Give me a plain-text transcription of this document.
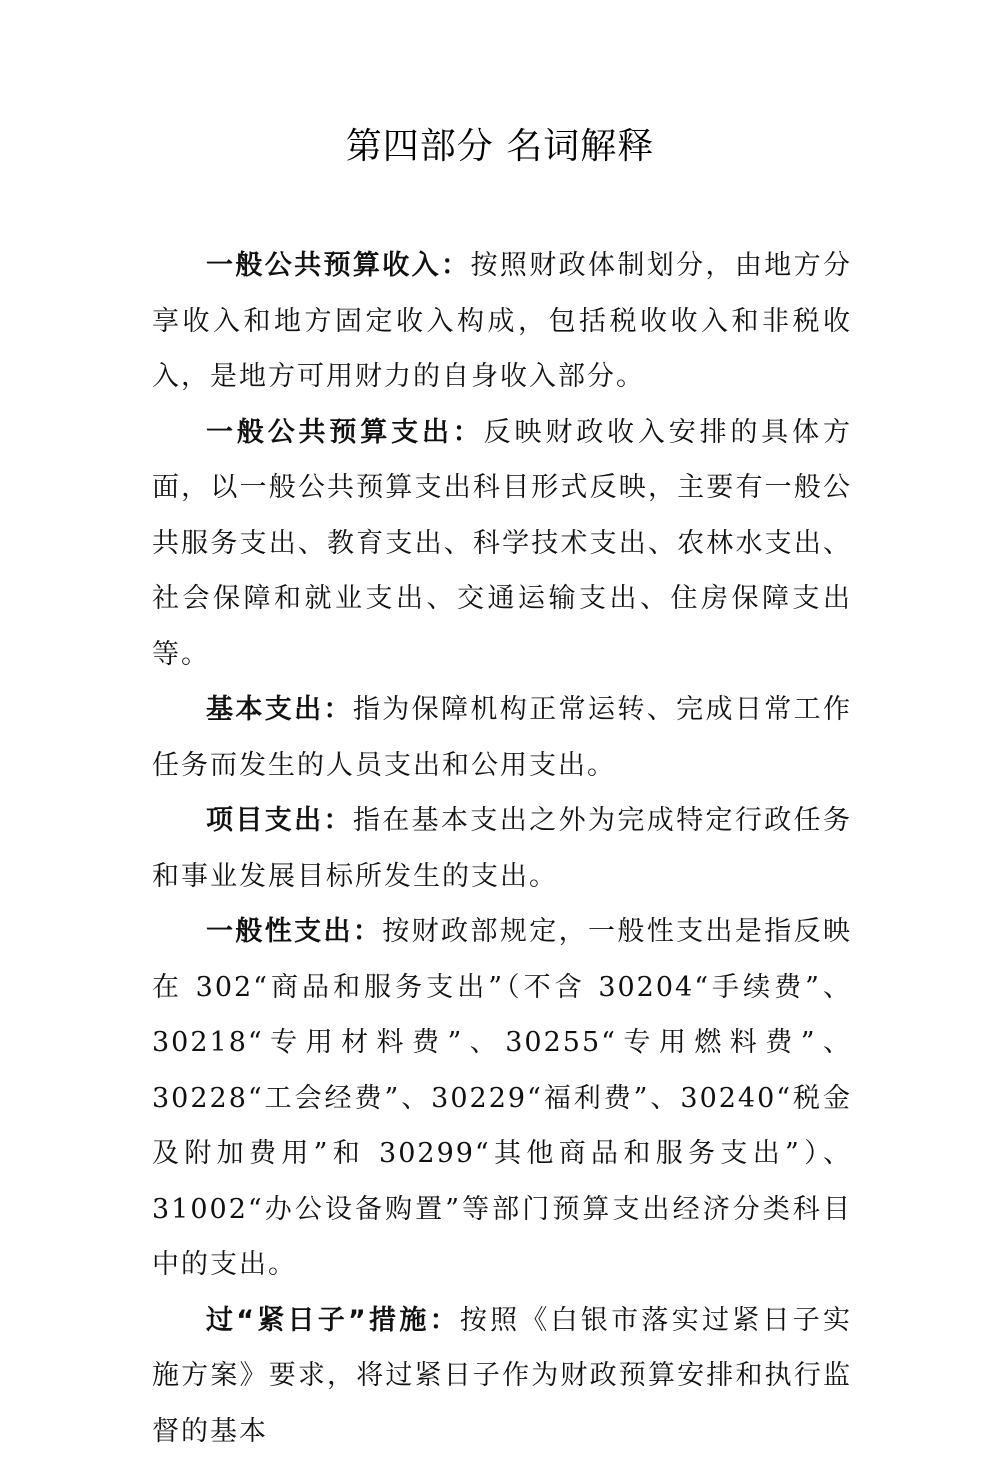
第四部分 名词解释

一般公共预算收入：按照财政体制划分，由地方分享收入和地方固定收入构成，包括税收收入和非税收入，是地方可用财力的自身收入部分。

一般公共预算支出：反映财政收入安排的具体方面，以一般公共预算支出科目形式反映，主要有一般公共服务支出、教育支出、科学技术支出、农林水支出、社会保障和就业支出、交通运输支出、住房保障支出等。

基本支出：指为保障机构正常运转、完成日常工作任务而发生的人员支出和公用支出。

项目支出：指在基本支出之外为完成特定行政任务和事业发展目标所发生的支出。

一般性支出：按财政部规定，一般性支出是指反映在 302“商品和服务支出”（不含 30204“手续费”、30218“专用材料费”、30255“专用燃料费”、30228“工会经费”、30229“福利费”、30240“税金及附加费用”和 30299“其他商品和服务支出”）、31002“办公设备购置”等部门预算支出经济分类科目中的支出。

过“紧日子”措施：按照《白银市落实过紧日子实施方案》要求，将过紧日子作为财政预算安排和执行监督的基本
